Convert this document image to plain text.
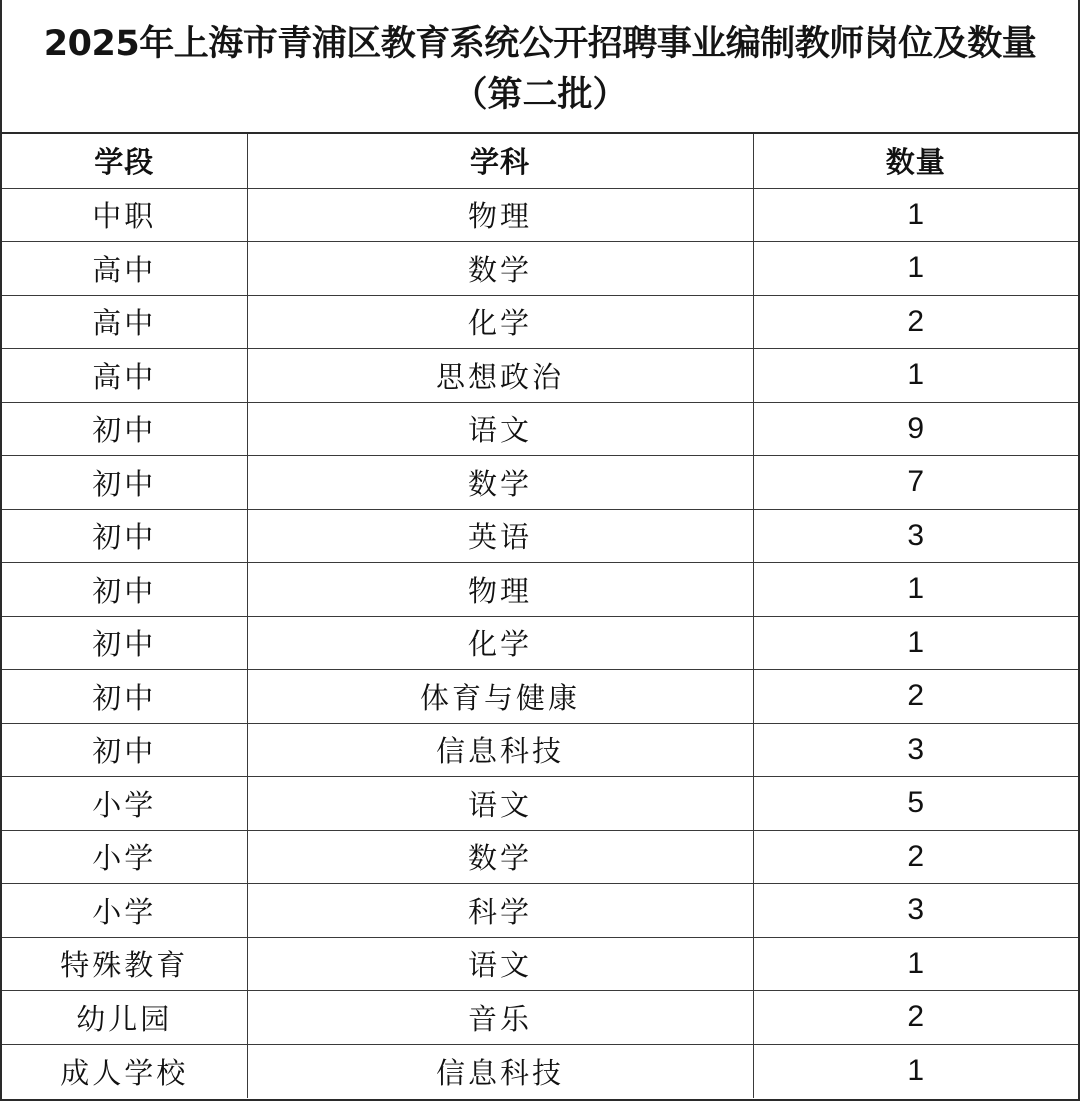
2025年上海市青浦区教育系统公开招聘事业编制教师岗位及数量
（第二批）
学段	学科	数量
中职	物理	1
高中	数学	1
高中	化学	2
高中	思想政治	1
初中	语文	9
初中	数学	7
初中	英语	3
初中	物理	1
初中	化学	1
初中	体育与健康	2
初中	信息科技	3
小学	语文	5
小学	数学	2
小学	科学	3
特殊教育	语文	1
幼儿园	音乐	2
成人学校	信息科技	1
